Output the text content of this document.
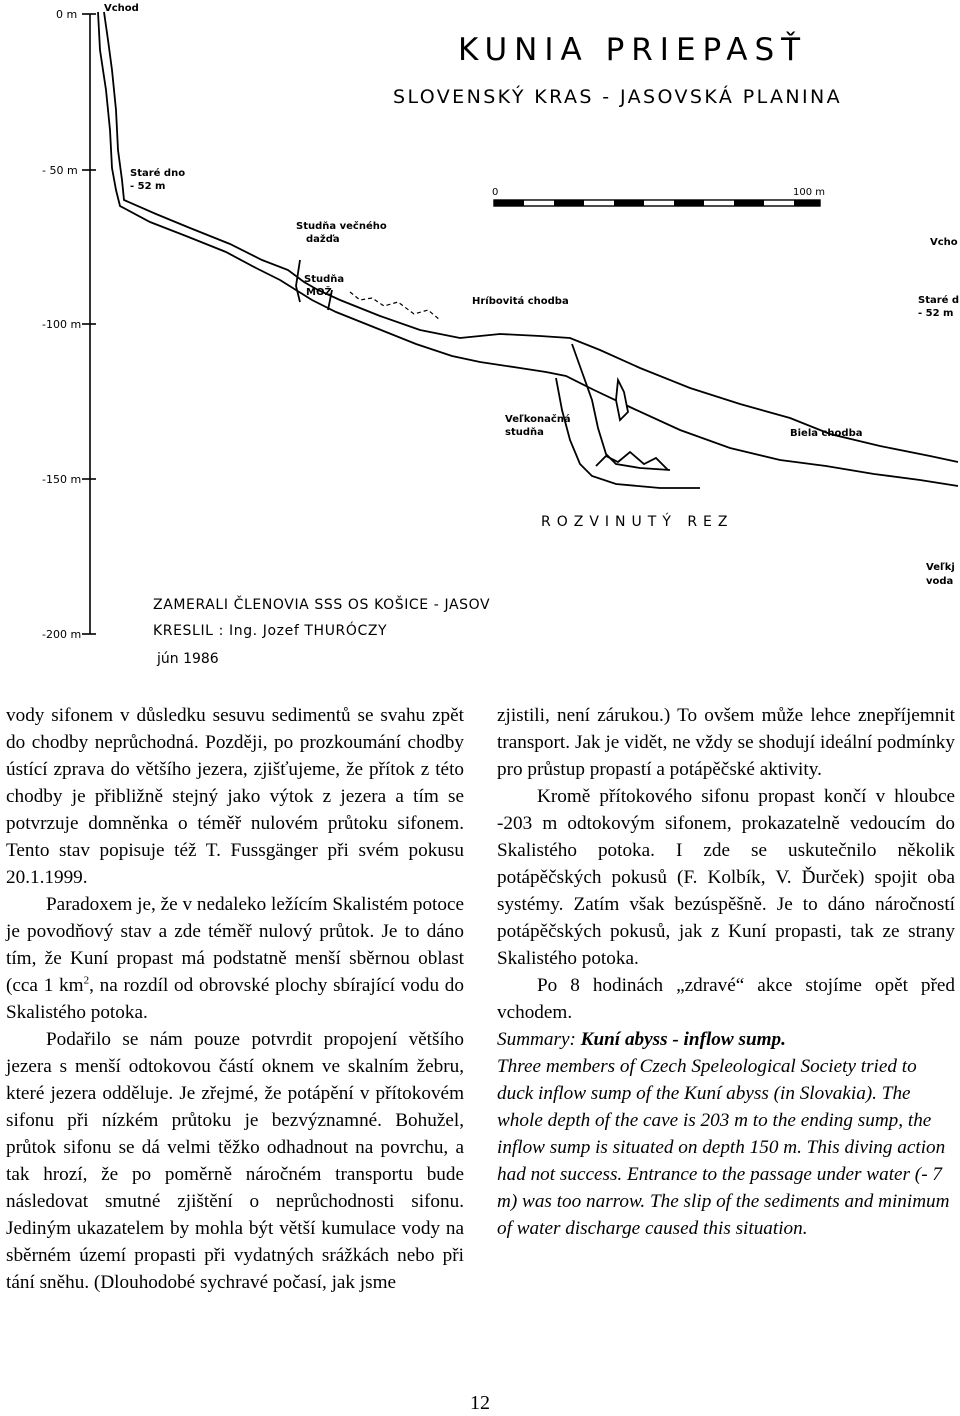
0 m
- 50 m
-100 m
-150 m
-200 m
KUNIA PRIEPASŤ
SLOVENSKÝ KRAS - JASOVSKÁ PLANINA
0	100 m
Vchod
Staré dno
- 52 m
Studňa večného
dažďa
Studňa
MOŽ
Hríbovitá chodba
Veľkonačná
studňa	Biela chodba
Vcho
Staré d
- 52 m
Veľkj
voda
ROZVINUTÝ REZ
ZAMERALI ČLENOVIA SSS OS KOŠICE - JASOV
KRESLIL : Ing. Jozef THURÓCZY
jún 1986

vody sifonem v důsledku sesuvu sedimentů se svahu zpět do chodby neprůchodná. Později, po prozkoumání chodby ústící zprava do většího jezera, zjišťujeme, že přítok z této chodby je přibližně stejný jako výtok z jezera a tím se potvrzuje domněnka o téměř nulovém průtoku sifonem. Tento stav popisuje též T. Fussgänger při svém pokusu 20.1.1999.

Paradoxem je, že v nedaleko ležícím Skalistém potoce je povodňový stav a zde téměř nulový průtok. Je to dáno tím, že Kuní propast má podstatně menší sběrnou oblast (cca 1 $km^2$, na rozdíl od obrovské plochy sbírající vodu do Skalistého potoka.

Podařilo se nám pouze potvrdit propojení většího jezera s menší odtokovou částí oknem ve skalním žebru, které jezera odděluje. Je zřejmé, že potápění v přítokovém sifonu při nízkém průtoku je bezvýznamné. Bohužel, průtok sifonu se dá velmi těžko odhadnout na povrchu, a tak hrozí, že po poměrně náročném transportu bude následovat smutné zjištění o neprůchodnosti sifonu. Jediným ukazatelem by mohla být větší kumulace vody na sběrném území propasti při vydatných srážkách nebo při tání sněhu. (Dlouhodobé sychravé počasí, jak jsme

zjistili, není zárukou.) To ovšem může lehce znepříjemnit transport. Jak je vidět, ne vždy se shodují ideální podmínky pro průstup propastí a potápěčské aktivity.

Kromě přítokového sifonu propast končí v hloubce -203 m odtokovým sifonem, prokazatelně vedoucím do Skalistého potoka. I zde se uskutečnilo několik potápěčských pokusů (F. Kolbík, V. Ďurček) spojit oba systémy. Zatím však bezúspěšně. Je to dáno náročností potápěčských pokusů, jak z Kuní propasti, tak ze strany Skalistého potoka.

Po 8 hodinách „zdravé“ akce stojíme opět před vchodem.

Summary: Kuní abyss - inflow sump.
Three members of Czech Speleological Society tried to duck inflow sump of the Kuní abyss (in Slovakia). The whole depth of the cave is 203 m to the ending sump, the inflow sump is situated on depth 150 m. This diving action had not success. Entrance to the passage under water (- 7 m) was too narrow. The slip of the sediments and minimum of water discharge caused this situation.

12
